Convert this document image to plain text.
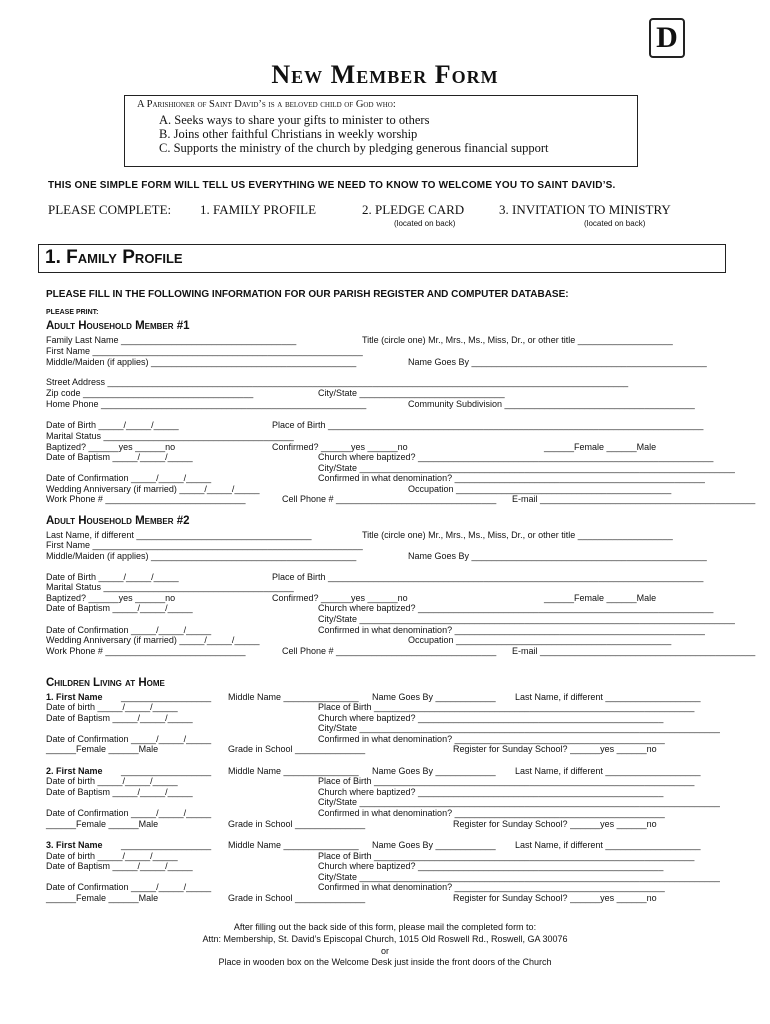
D
New Member Form
A Parishioner of Saint David’s is a beloved child of God who:
A. Seeks ways to share your gifts to minister to others
B. Joins other faithful Christians in weekly worship
C. Supports the ministry of the church by pledging generous financial support
THIS ONE SIMPLE FORM WILL TELL US EVERYTHING WE NEED TO KNOW TO WELCOME YOU TO SAINT DAVID’S.
PLEASE COMPLETE: 1. FAMILY PROFILE	2. PLEDGE CARD	3. INVITATION TO MINISTRY
(located on back)	(located on back)
1. Family Profile
PLEASE FILL IN THE FOLLOWING INFORMATION FOR OUR PARISH REGISTER AND COMPUTER DATABASE:
PLEASE PRINT:
Adult Household Member #1
Family Last Name ___________________________________	Title (circle one) Mr., Mrs., Ms., Miss, Dr., or other title ___________________
First Name ______________________________________________________
Middle/Maiden (if applies) _________________________________________	Name Goes By _______________________________________________
Street Address ________________________________________________________________________________________________________
Zip code __________________________________	City/State _____________________________
Home Phone _____________________________________________________	Community Subdivision ______________________________________
Date of Birth _____/_____/_____	Place of Birth ___________________________________________________________________________
Marital Status ______________________________________
Baptized? ______yes ______no	Confirmed? ______yes ______no	______Female ______Male
Date of Baptism _____/_____/_____	Church where baptized? ___________________________________________________________
City/State ___________________________________________________________________________
Date of Confirmation _____/_____/_____	Confirmed in what denomination? __________________________________________________
Wedding Anniversary (if married) _____/_____/_____	Occupation ___________________________________________
Work Phone # ____________________________	Cell Phone # ________________________________ E-mail ___________________________________________
Adult Household Member #2
Last Name, if different ___________________________________	Title (circle one) Mr., Mrs., Ms., Miss, Dr., or other title ___________________
First Name ______________________________________________________
Middle/Maiden (if applies) _________________________________________	Name Goes By _______________________________________________
Date of Birth _____/_____/_____	Place of Birth ___________________________________________________________________________
Marital Status ______________________________________
Baptized? ______yes ______no	Confirmed? ______yes ______no	______Female ______Male
Date of Baptism _____/_____/_____	Church where baptized? ___________________________________________________________
City/State ___________________________________________________________________________
Date of Confirmation _____/_____/_____	Confirmed in what denomination? __________________________________________________
Wedding Anniversary (if married) _____/_____/_____	Occupation ___________________________________________
Work Phone # ____________________________	Cell Phone # ________________________________ E-mail ___________________________________________
Children Living at Home
1. First Name __________________ Middle Name _______________ Name Goes By ____________ Last Name, if different ___________________
Date of birth _____/_____/_____	Place of Birth ________________________________________________________________
Date of Baptism _____/_____/_____	Church where baptized? _________________________________________________
City/State ________________________________________________________________________
Date of Confirmation _____/_____/_____	Confirmed in what denomination? __________________________________________
______Female ______Male	Grade in School ______________	Register for Sunday School? ______yes ______no
2. First Name __________________ Middle Name _______________ Name Goes By ____________ Last Name, if different ___________________
Date of birth _____/_____/_____	Place of Birth ________________________________________________________________
Date of Baptism _____/_____/_____	Church where baptized? _________________________________________________
City/State ________________________________________________________________________
Date of Confirmation _____/_____/_____	Confirmed in what denomination? __________________________________________
______Female ______Male	Grade in School ______________	Register for Sunday School? ______yes ______no
3. First Name __________________ Middle Name _______________ Name Goes By ____________ Last Name, if different ___________________
Date of birth _____/_____/_____	Place of Birth ________________________________________________________________
Date of Baptism _____/_____/_____	Church where baptized? _________________________________________________
City/State ________________________________________________________________________
Date of Confirmation _____/_____/_____	Confirmed in what denomination? __________________________________________
______Female ______Male	Grade in School ______________	Register for Sunday School? ______yes ______no
After filling out the back side of this form, please mail the completed form to:
Attn: Membership, St. David’s Episcopal Church, 1015 Old Roswell Rd., Roswell, GA 30076
or
Place in wooden box on the Welcome Desk just inside the front doors of the Church
